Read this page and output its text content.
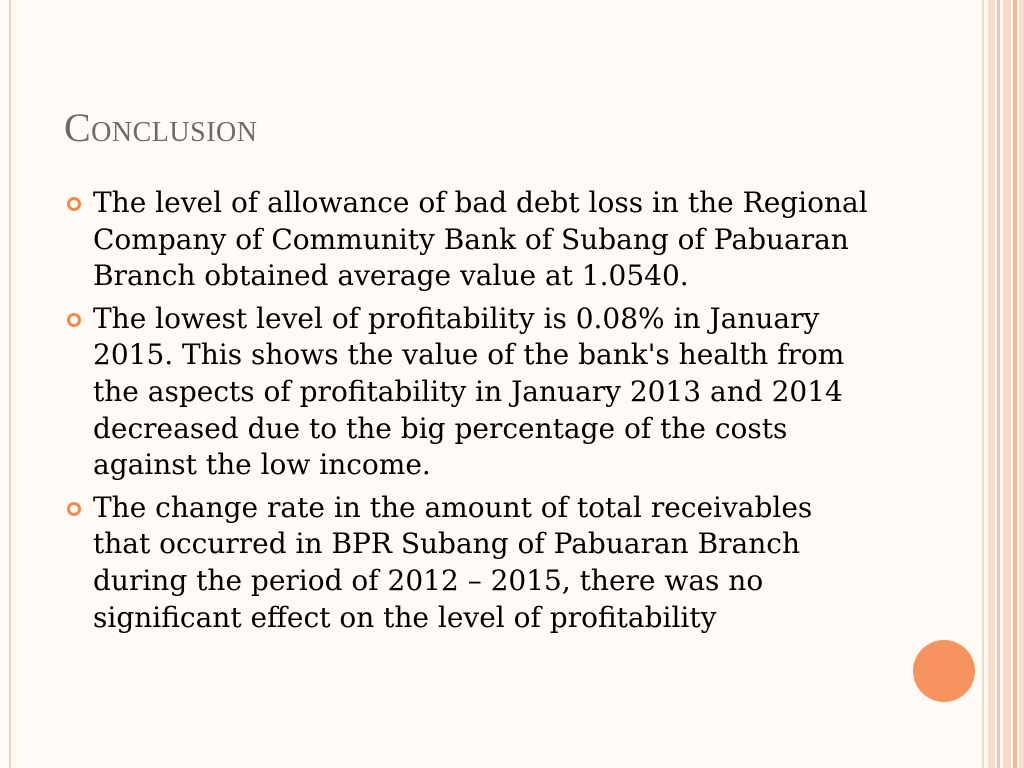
Conclusion
The level of allowance of bad debt loss in the Regional Company of Community Bank of Subang of Pabuaran Branch obtained average value at 1.0540.
The lowest level of profitability is 0.08% in January 2015. This shows the value of the bank's health from the aspects of profitability in January 2013 and 2014 decreased due to the big percentage of the costs against the low income.
The change rate in the amount of total receivables that occurred in BPR Subang of Pabuaran Branch during the period of 2012 – 2015, there was no significant effect on the level of profitability
